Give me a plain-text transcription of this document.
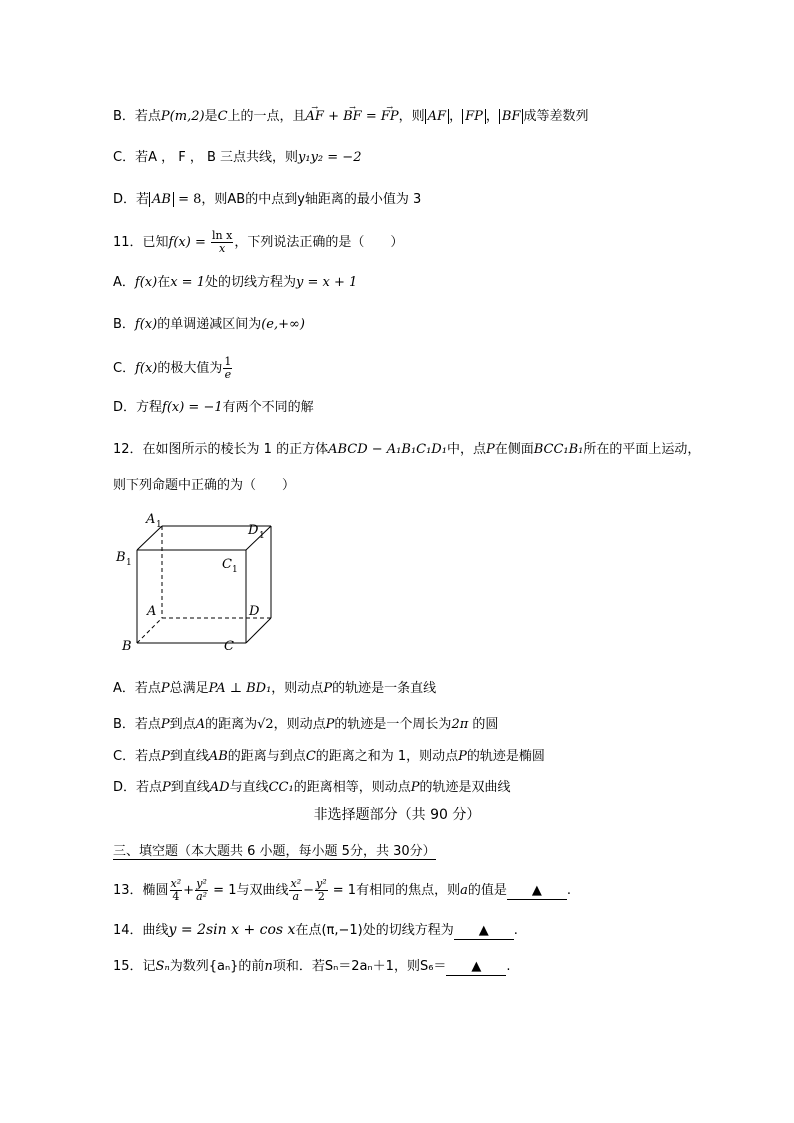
B．若点P(m,2)是C上的一点，且→ AF + → BF = → FP，则 AF ， FP ， BF 成等差数列
C．若A ， F ， B 三点共线，则y₁y₂ = −2
D．若 AB = 8，则AB的中点到y轴距离的最小值为 3
11．已知$f(x) = \frac{\text{ln x}}{x}$ ，下列说法正确的是（　　）
A．f(x)在x = 1处的切线方程为y = x + 1
B．f(x)的单调递减区间为(e,+∞)
C．f(x)的极大值为 $\frac{1}{e}$
D．方程f(x) = −1有两个不同的解
12．在如图所示的棱长为 1 的正方体ABCD − A₁B₁C₁D₁中，点P在侧面BCC₁B₁所在的平面上运动，
则下列命题中正确的为（　　）
A 1	D 1
B 1	C 1
A	D
B	C
A．若点P总满足PA ⊥ BD₁，则动点P的轨迹是一条直线
B．若点P到点A的距离为√2，则动点P的轨迹是一个周长为2π 的圆
C．若点P到直线AB的距离与到点C的距离之和为 1，则动点P的轨迹是椭圆
D．若点P到直线AD与直线CC₁的距离相等，则动点P的轨迹是双曲线
非选择题部分（共 90 分）
三、填空题（本大题共 6 小题，每小题 5分，共 30分）
13．椭圆 $\frac{\text{x²}}{4} + \frac{\text{y²}}{\text{a²}} = 1$与双曲线 $\frac{\text{x²}}{a} - \frac{\text{y²}}{2} = 1$有相同的焦点，则a的值是 ▲ .
14．曲线y = 2sin x + cos x在点(π,−1)处的切线方程为 ▲ .
15．记Sₙ为数列{aₙ}的前n项和．若Sₙ＝2aₙ＋1，则S₆＝ ▲ .
